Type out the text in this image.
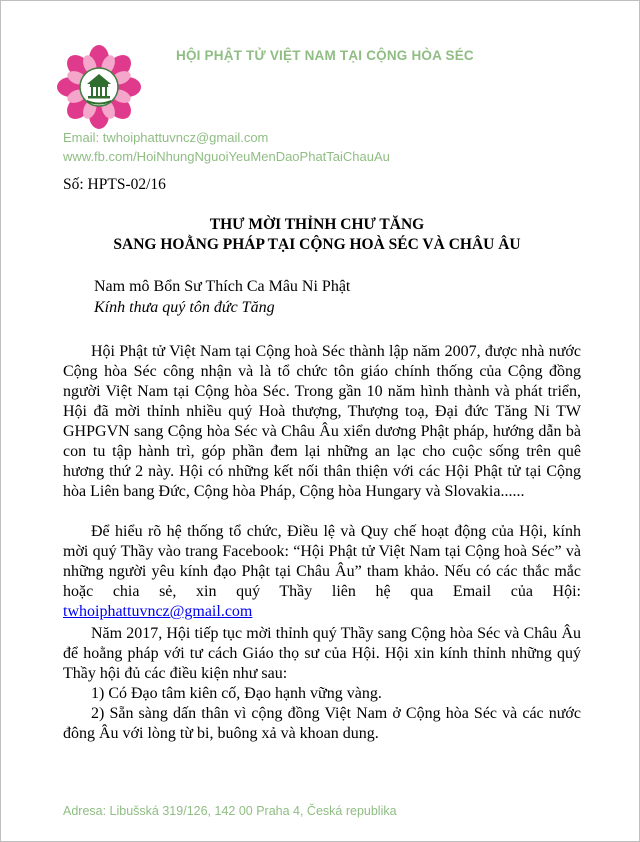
HỘI PHẬT TỬ VIỆT NAM TẠI CỘNG HÒA SÉC
Email: twhoiphattuvncz@gmail.com
www.fb.com/HoiNhungNguoiYeuMenDaoPhatTaiChauAu
Số: HPTS-02/16
THƯ MỜI THỈNH CHƯ TĂNG
SANG HOẰNG PHÁP TẠI CỘNG HOÀ SÉC VÀ CHÂU ÂU
Nam mô Bổn Sư Thích Ca Mâu Ni Phật
Kính thưa quý tôn đức Tăng
Hội Phật tử Việt Nam tại Cộng hoà Séc thành lập năm 2007, được nhà nước Cộng hòa Séc công nhận và là tổ chức tôn giáo chính thống của Cộng đồng người Việt Nam tại Cộng hòa Séc. Trong gần 10 năm hình thành và phát triển, Hội đã mời thỉnh nhiều quý Hoà thượng, Thượng toạ, Đại đức Tăng Ni TW GHPGVN sang Cộng hòa Séc và Châu Âu xiển dương Phật pháp, hướng dẫn bà con tu tập hành trì, góp phần đem lại những an lạc cho cuộc sống trên quê hương thứ 2 này. Hội có những kết nối thân thiện với các Hội Phật tử tại Cộng hòa Liên bang Đức, Cộng hòa Pháp, Cộng hòa Hungary và Slovakia......
Để hiểu rõ hệ thống tổ chức, Điều lệ và Quy chế hoạt động của Hội, kính mời quý Thầy vào trang Facebook: “Hội Phật tử Việt Nam tại Cộng hoà Séc” và những người yêu kính đạo Phật tại Châu Âu” tham khảo. Nếu có các thắc mắc hoặc chia sẻ, xin quý Thầy liên hệ qua Email của Hội: twhoiphattuvncz@gmail.com
Năm 2017, Hội tiếp tục mời thỉnh quý Thầy sang Cộng hòa Séc và Châu Âu để hoằng pháp với tư cách Giáo thọ sư của Hội. Hội xin kính thỉnh những quý Thầy hội đủ các điều kiện như sau:
1) Có Đạo tâm kiên cố, Đạo hạnh vững vàng.
2) Sẵn sàng dấn thân vì cộng đồng Việt Nam ở Cộng hòa Séc và các nước đông Âu với lòng từ bi, buông xả và khoan dung.
Adresa: Libušská 319/126, 142 00 Praha 4, Česká republika
